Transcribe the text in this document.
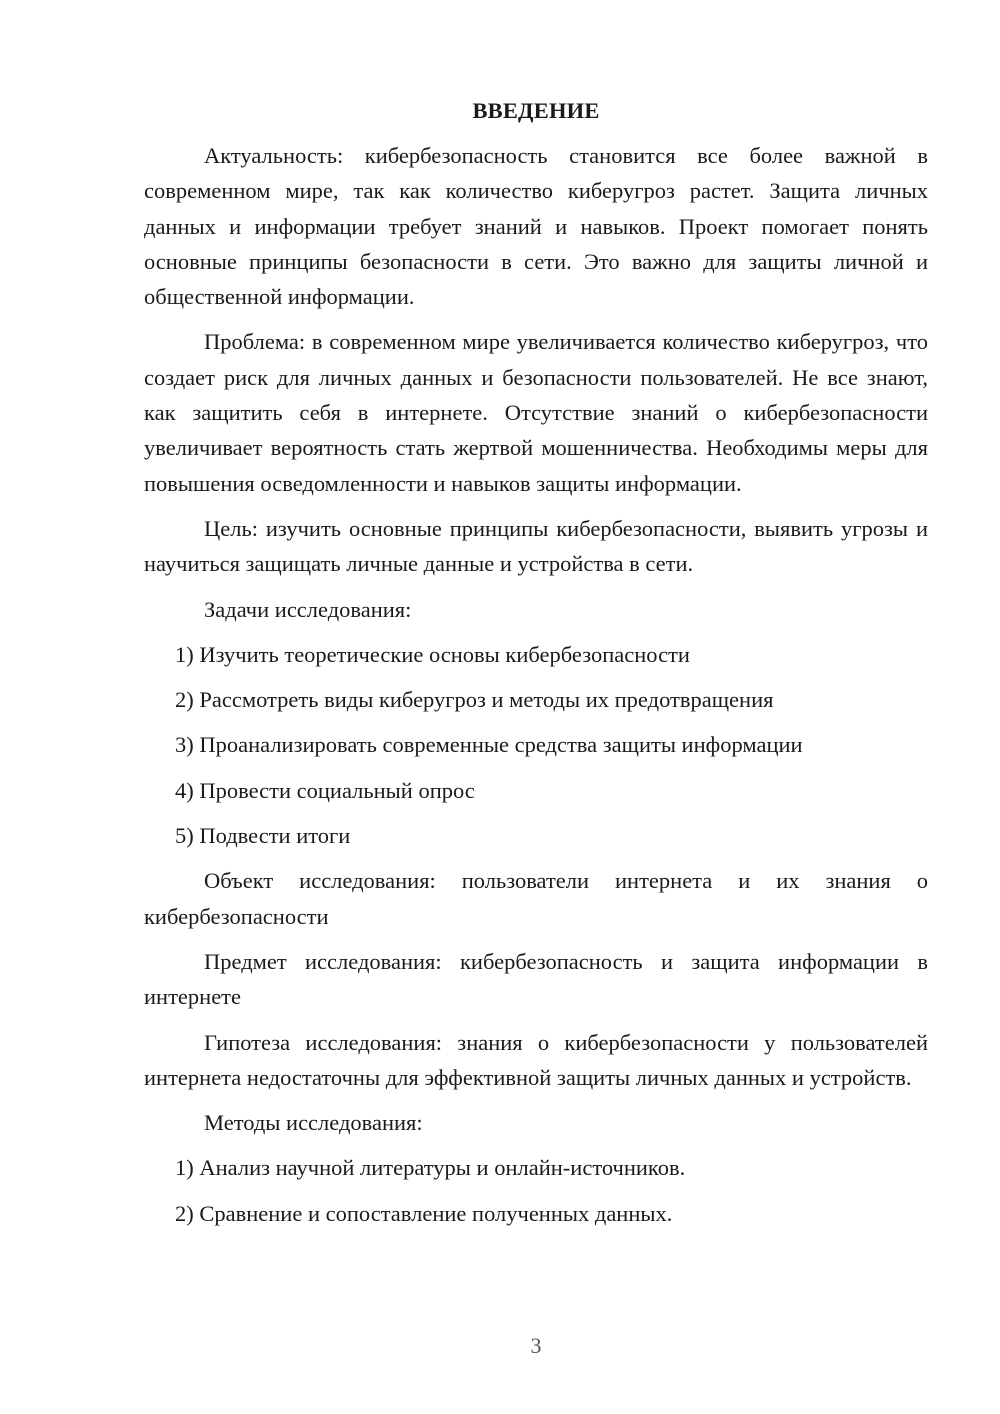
ВВЕДЕНИЕ

Актуальность: кибербезопасность становится все более важной в современном мире, так как количество киберугроз растет. Защита личных данных и информации требует знаний и навыков. Проект помогает понять основные принципы безопасности в сети. Это важно для защиты личной и общественной информации.

Проблема: в современном мире увеличивается количество киберугроз, что создает риск для личных данных и безопасности пользователей. Не все знают, как защитить себя в интернете. Отсутствие знаний о кибербезопасности увеличивает вероятность стать жертвой мошенничества. Необходимы меры для повышения осведомленности и навыков защиты информации.

Цель: изучить основные принципы кибербезопасности, выявить угрозы и научиться защищать личные данные и устройства в сети.

Задачи исследования:

1) Изучить теоретические основы кибербезопасности

2) Рассмотреть виды киберугроз и методы их предотвращения

3) Проанализировать современные средства защиты информации

4) Провести социальный опрос

5) Подвести итоги

Объект исследования: пользователи интернета и их знания о кибербезопасности

Предмет исследования: кибербезопасность и защита информации в интернете

Гипотеза исследования: знания о кибербезопасности у пользователей интернета недостаточны для эффективной защиты личных данных и устройств.

Методы исследования:

1) Анализ научной литературы и онлайн-источников.

2) Сравнение и сопоставление полученных данных.

3
